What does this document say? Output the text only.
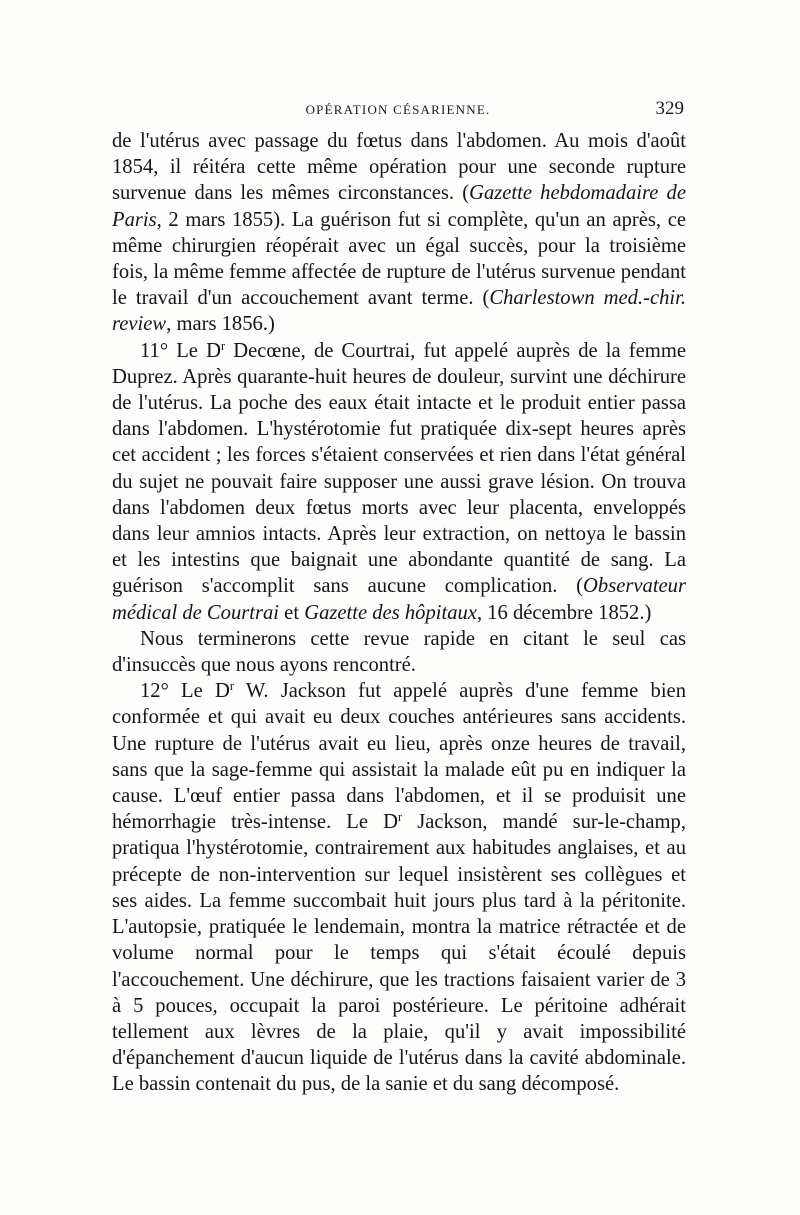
OPÉRATION CÉSARIENNE.	329

de l'utérus avec passage du fœtus dans l'abdomen. Au mois d'août 1854, il réitéra cette même opération pour une seconde rupture survenue dans les mêmes circonstances. (Gazette hebdomadaire de Paris, 2 mars 1855). La guérison fut si complète, qu'un an après, ce même chirurgien réopérait avec un égal succès, pour la troisième fois, la même femme affectée de rupture de l'utérus survenue pendant le travail d'un accouchement avant terme. (Charlestown med.-chir. review, mars 1856.)

11° Le $D^r$ Decœne, de Courtrai, fut appelé auprès de la femme Duprez. Après quarante-huit heures de douleur, survint une déchirure de l'utérus. La poche des eaux était intacte et le produit entier passa dans l'abdomen. L'hystérotomie fut pratiquée dix-sept heures après cet accident ; les forces s'étaient conservées et rien dans l'état général du sujet ne pouvait faire supposer une aussi grave lésion. On trouva dans l'abdomen deux fœtus morts avec leur placenta, enveloppés dans leur amnios intacts. Après leur extraction, on nettoya le bassin et les intestins que baignait une abondante quantité de sang. La guérison s'accomplit sans aucune complication. (Observateur médical de Courtrai et Gazette des hôpitaux, 16 décembre 1852.)

Nous terminerons cette revue rapide en citant le seul cas d'insuccès que nous ayons rencontré.

12° Le $D^r$ W. Jackson fut appelé auprès d'une femme bien conformée et qui avait eu deux couches antérieures sans accidents. Une rupture de l'utérus avait eu lieu, après onze heures de travail, sans que la sage-femme qui assistait la malade eût pu en indiquer la cause. L'œuf entier passa dans l'abdomen, et il se produisit une hémorrhagie très-intense. Le $D^r$ Jackson, mandé sur-le-champ, pratiqua l'hystérotomie, contrairement aux habitudes anglaises, et au précepte de non-intervention sur lequel insistèrent ses collègues et ses aides. La femme succombait huit jours plus tard à la péritonite. L'autopsie, pratiquée le lendemain, montra la matrice rétractée et de volume normal pour le temps qui s'était écoulé depuis l'accouchement. Une déchirure, que les tractions faisaient varier de 3 à 5 pouces, occupait la paroi postérieure. Le péritoine adhérait tellement aux lèvres de la plaie, qu'il y avait impossibilité d'épanchement d'aucun liquide de l'utérus dans la cavité abdominale. Le bassin contenait du pus, de la sanie et du sang décomposé.
